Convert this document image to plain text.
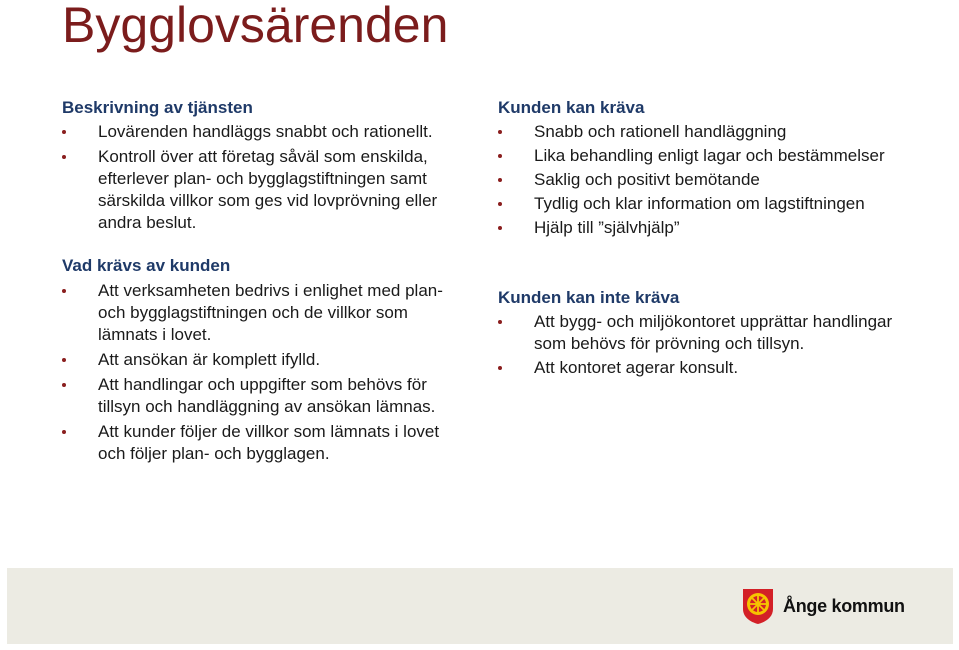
Bygglovsärenden
Beskrivning av tjänsten
Lovärenden handläggs snabbt och rationellt.
Kontroll över att företag såväl som enskilda, efterlever plan- och bygglagstiftningen samt särskilda villkor som ges vid lovprövning eller andra beslut.
Vad krävs av kunden
Att verksamheten bedrivs i enlighet med plan- och bygglagstiftningen och de villkor som lämnats i lovet.
Att ansökan är komplett ifylld.
Att handlingar och uppgifter som behövs för tillsyn och handläggning av ansökan lämnas.
Att kunder följer de villkor som lämnats i lovet och följer plan- och bygglagen.
Kunden kan kräva
Snabb och rationell handläggning
Lika behandling enligt lagar och bestämmelser
Saklig och positivt bemötande
Tydlig och klar information om lagstiftningen
Hjälp till ”självhjälp”
Kunden kan inte kräva
Att bygg- och miljökontoret upprättar handlingar som behövs för prövning och tillsyn.
Att kontoret agerar konsult.
Ånge kommun
